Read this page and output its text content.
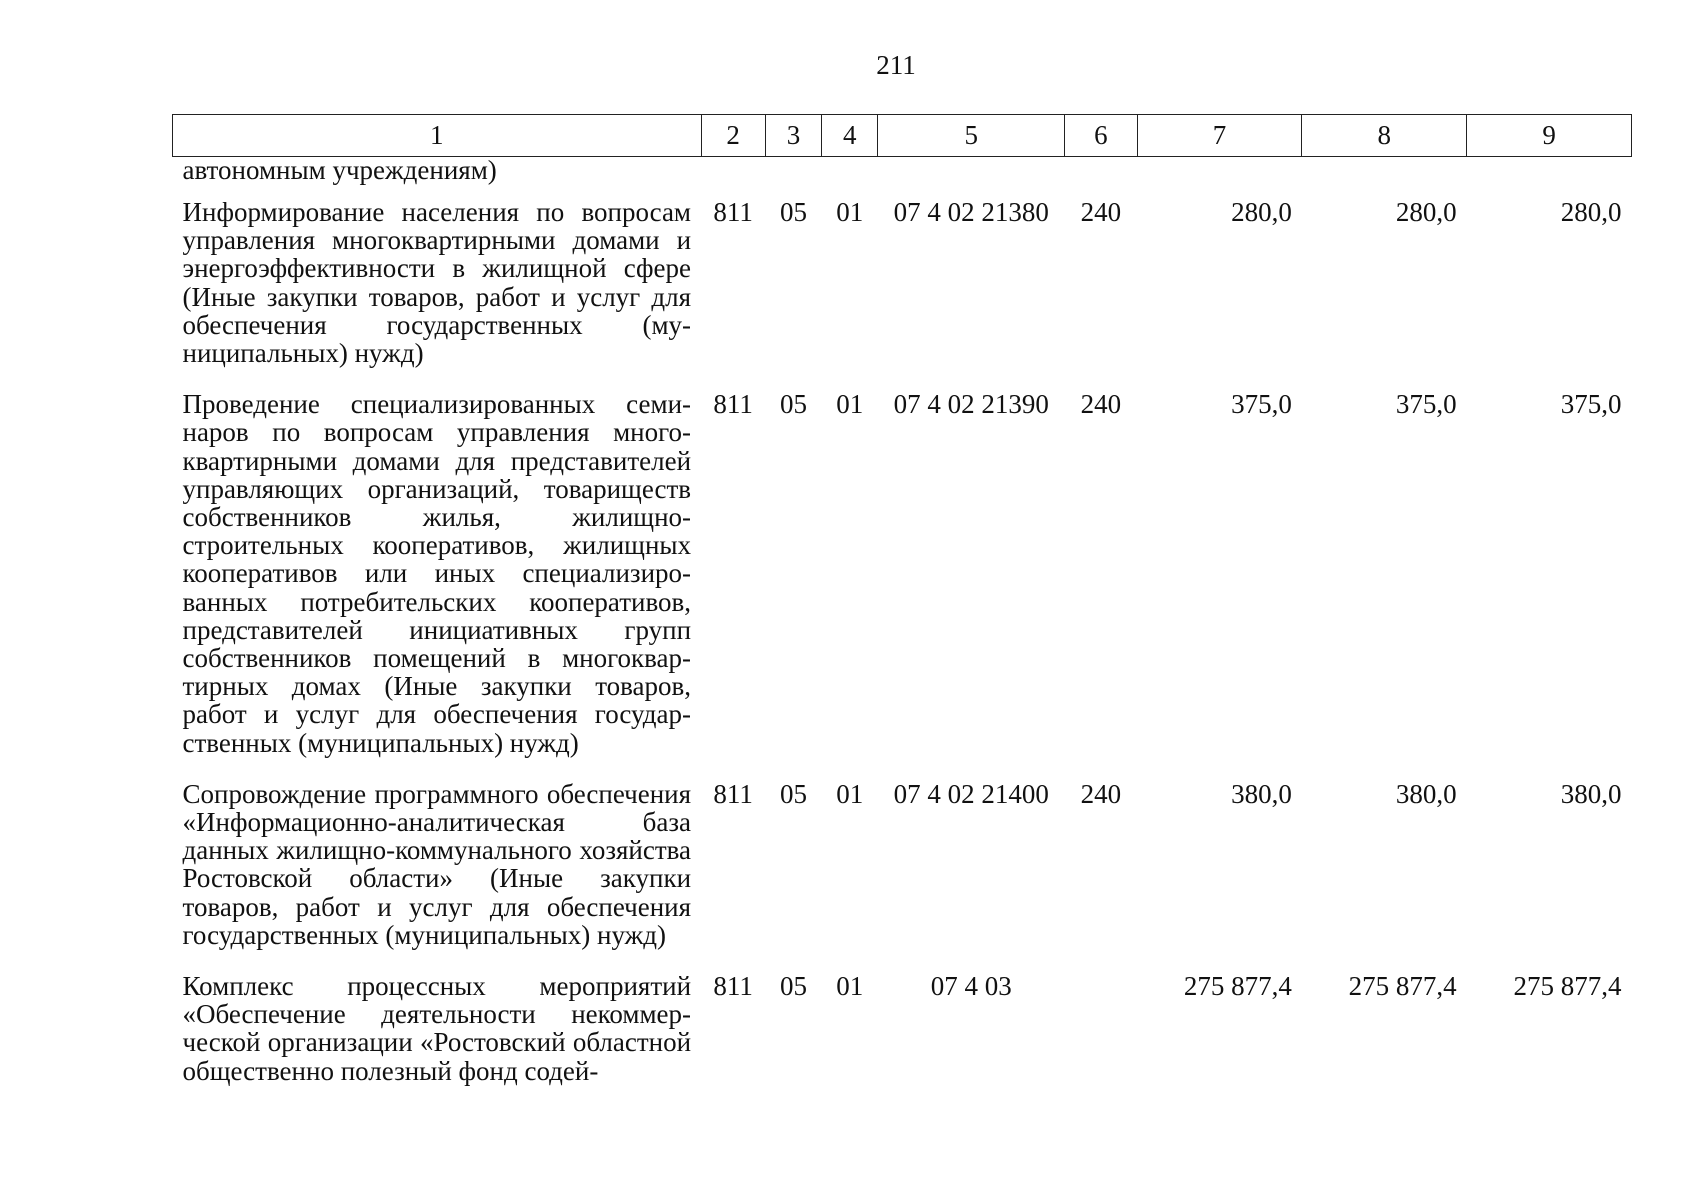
211
1	2	3	4	5	6	7	8	9
автономным учреждениям)								
Информирование населения по вопросам управления многоквартирными домами и энергоэффективности в жилищной сфере (Иные закупки товаров, работ и услуг для обеспечения государственных (муниципальных) нужд)	811	05	01	07 4 02 21380	240	280,0	280,0	280,0
Проведение специализированных семинаров по вопросам управления многоквартирными домами для представителей управляющих организаций, товариществ собственников жилья, жилищно-строительных кооперативов, жилищных кооперативов или иных специализированных потребительских кооперативов, представителей инициативных групп собственников помещений в многоквартирных домах (Иные закупки товаров, работ и услуг для обеспечения государственных (муниципальных) нужд)	811	05	01	07 4 02 21390	240	375,0	375,0	375,0
Сопровождение программного обеспечения «Информационно-аналитическая база данных жилищно-коммунального хозяйства Ростовской области» (Иные закупки товаров, работ и услуг для обеспечения государственных (муниципальных) нужд)	811	05	01	07 4 02 21400	240	380,0	380,0	380,0
Комплекс процессных мероприятий «Обеспечение деятельности некоммерческой организации «Ростовский областной общественно полезный фонд содей-	811	05	01	07 4 03		275 877,4	275 877,4	275 877,4
